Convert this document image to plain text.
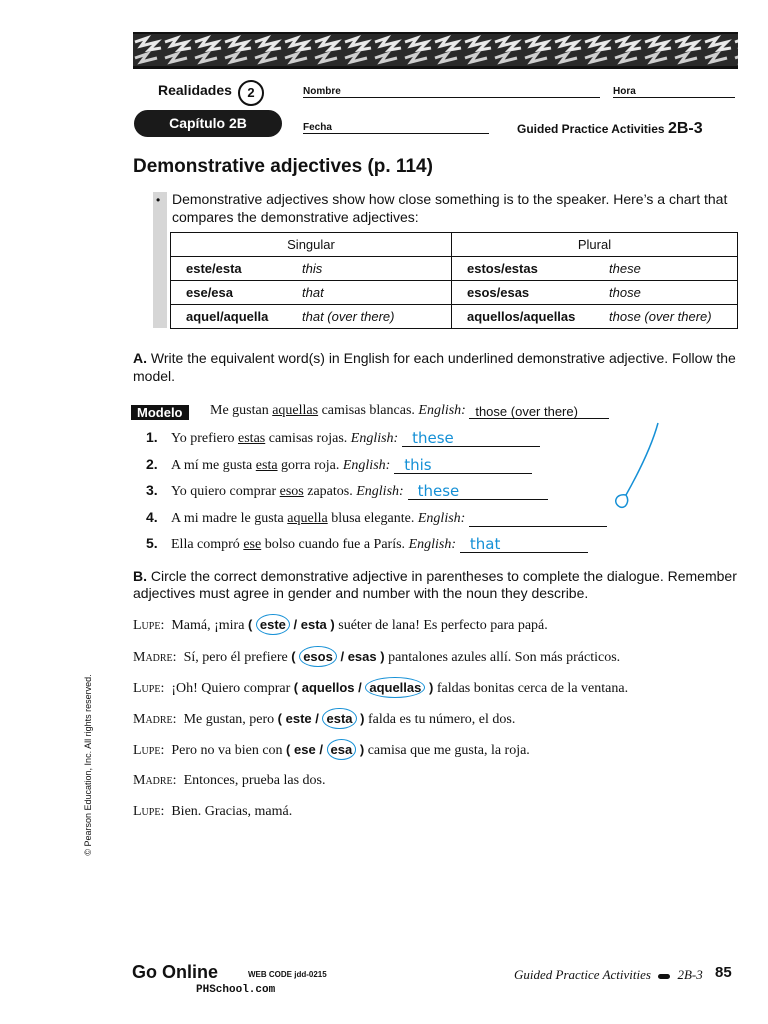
Realidades	2	Nombre	Hora
Capítulo 2B	Fecha	Guided Practice Activities 2B-3
Demonstrative adjectives (p. 114)
• Demonstrative adjectives show how close something is to the speaker. Here’s a chart that compares the demonstrative adjectives:
Singular	Plural

este/esta this	estos/estas these

ese/esa that	esos/esas those

aquel/aquella that (over there)	aquellos/aquellas those (over there)
A. Write the equivalent word(s) in English for each underlined demonstrative adjective. Follow the model.
Modelo	Me gustan aquellas camisas blancas. English: those (over there)
1. Yo prefiero estas camisas rojas. English: these
2. A mí me gusta esta gorra roja. English: this
3. Yo quiero comprar esos zapatos. English: these
4. A mi madre le gusta aquella blusa elegante. English:
5. Ella compró ese bolso cuando fue a París. English: that
B. Circle the correct demonstrative adjective in parentheses to complete the dialogue. Remember adjectives must agree in gender and number with the noun they describe.
Lupe: Mamá, ¡mira ( este / esta ) suéter de lana! Es perfecto para papá.
Madre: Sí, pero él prefiere ( esos / esas ) pantalones azules allí. Son más prácticos.
Lupe: ¡Oh! Quiero comprar ( aquellos / aquellas ) faldas bonitas cerca de la ventana.
Madre: Me gustan, pero ( este / esta ) falda es tu número, el dos.
Lupe: Pero no va bien con ( ese / esa ) camisa que me gusta, la roja.
Madre: Entonces, prueba las dos.
Lupe: Bien. Gracias, mamá.
© Pearson Education, Inc. All rights reserved.
Go Online	WEB CODE jdd-0215
PHSchool.com
Guided Practice Activities 2B-3 85
